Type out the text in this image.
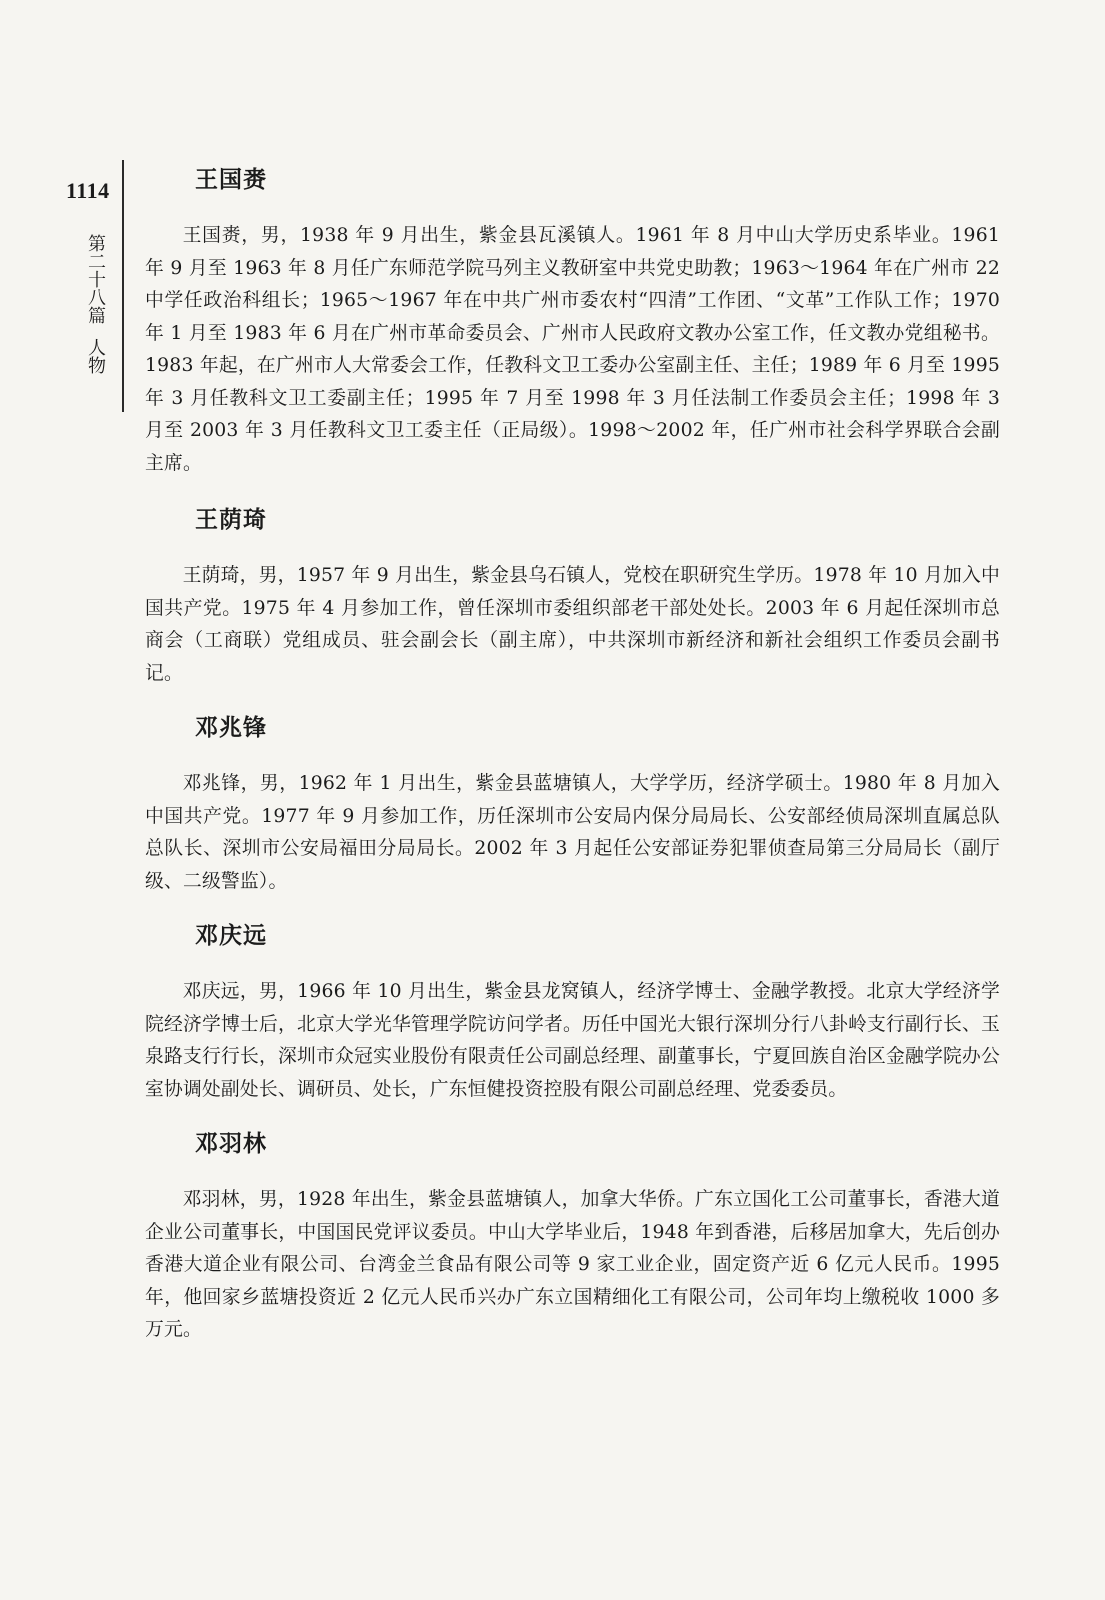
1114
第二十八篇人物
王国赉

王国赉，男，1938 年 9 月出生，紫金县瓦溪镇人。1961 年 8 月中山大学历史系毕业。1961 年 9 月至 1963 年 8 月任广东师范学院马列主义教研室中共党史助教；1963～1964 年在广州市 22 中学任政治科组长；1965～1967 年在中共广州市委农村“四清”工作团、“文革”工作队工作；1970 年 1 月至 1983 年 6 月在广州市革命委员会、广州市人民政府文教办公室工作，任文教办党组秘书。1983 年起，在广州市人大常委会工作，任教科文卫工委办公室副主任、主任；1989 年 6 月至 1995 年 3 月任教科文卫工委副主任；1995 年 7 月至 1998 年 3 月任法制工作委员会主任；1998 年 3 月至 2003 年 3 月任教科文卫工委主任（正局级）。1998～2002 年，任广州市社会科学界联合会副主席。

王荫琦

王荫琦，男，1957 年 9 月出生，紫金县乌石镇人，党校在职研究生学历。1978 年 10 月加入中国共产党。1975 年 4 月参加工作，曾任深圳市委组织部老干部处处长。2003 年 6 月起任深圳市总商会（工商联）党组成员、驻会副会长（副主席），中共深圳市新经济和新社会组织工作委员会副书记。

邓兆锋

邓兆锋，男，1962 年 1 月出生，紫金县蓝塘镇人，大学学历，经济学硕士。1980 年 8 月加入中国共产党。1977 年 9 月参加工作，历任深圳市公安局内保分局局长、公安部经侦局深圳直属总队总队长、深圳市公安局福田分局局长。2002 年 3 月起任公安部证券犯罪侦查局第三分局局长（副厅级、二级警监）。

邓庆远

邓庆远，男，1966 年 10 月出生，紫金县龙窝镇人，经济学博士、金融学教授。北京大学经济学院经济学博士后，北京大学光华管理学院访问学者。历任中国光大银行深圳分行八卦岭支行副行长、玉泉路支行行长，深圳市众冠实业股份有限责任公司副总经理、副董事长，宁夏回族自治区金融学院办公室协调处副处长、调研员、处长，广东恒健投资控股有限公司副总经理、党委委员。

邓羽林

邓羽林，男，1928 年出生，紫金县蓝塘镇人，加拿大华侨。广东立国化工公司董事长，香港大道企业公司董事长，中国国民党评议委员。中山大学毕业后，1948 年到香港，后移居加拿大，先后创办香港大道企业有限公司、台湾金兰食品有限公司等 9 家工业企业，固定资产近 6 亿元人民币。1995 年，他回家乡蓝塘投资近 2 亿元人民币兴办广东立国精细化工有限公司，公司年均上缴税收 1000 多万元。
